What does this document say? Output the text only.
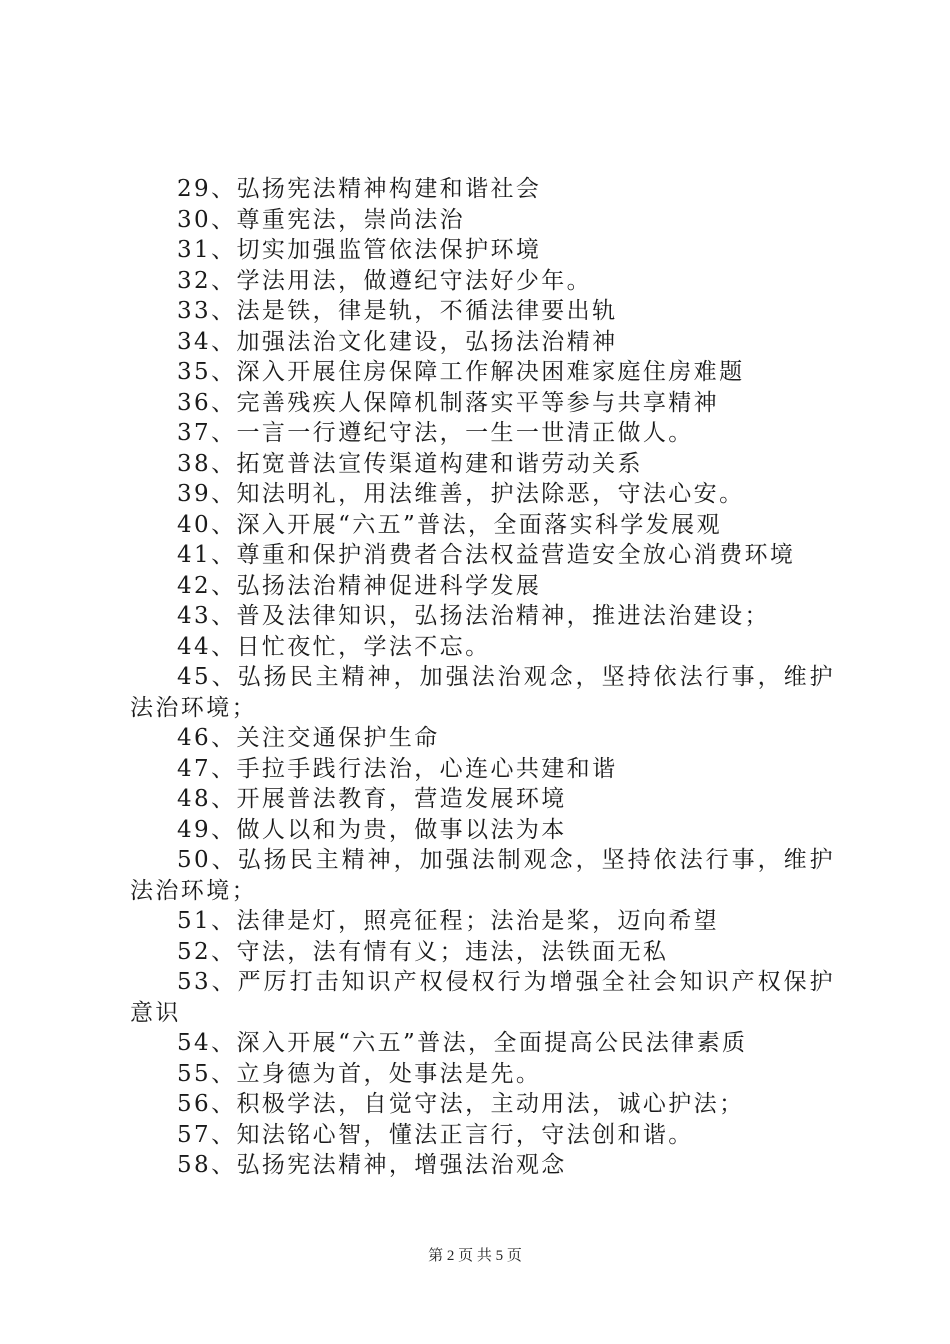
29、弘扬宪法精神构建和谐社会

30、尊重宪法，崇尚法治

31、切实加强监管依法保护环境

32、学法用法，做遵纪守法好少年。

33、法是铁，律是轨，不循法律要出轨

34、加强法治文化建设，弘扬法治精神

35、深入开展住房保障工作解决困难家庭住房难题

36、完善残疾人保障机制落实平等参与共享精神

37、一言一行遵纪守法，一生一世清正做人。

38、拓宽普法宣传渠道构建和谐劳动关系

39、知法明礼，用法维善，护法除恶，守法心安。

40、深入开展“六五”普法，全面落实科学发展观

41、尊重和保护消费者合法权益营造安全放心消费环境

42、弘扬法治精神促进科学发展

43、普及法律知识，弘扬法治精神，推进法治建设；

44、日忙夜忙，学法不忘。

45、弘扬民主精神，加强法治观念，坚持依法行事，维护法治环境；

46、关注交通保护生命

47、手拉手践行法治，心连心共建和谐

48、开展普法教育，营造发展环境

49、做人以和为贵，做事以法为本

50、弘扬民主精神，加强法制观念，坚持依法行事，维护法治环境；

51、法律是灯，照亮征程；法治是桨，迈向希望

52、守法，法有情有义；违法，法铁面无私

53、严厉打击知识产权侵权行为增强全社会知识产权保护意识

54、深入开展“六五”普法，全面提高公民法律素质

55、立身德为首，处事法是先。

56、积极学法，自觉守法，主动用法，诚心护法；

57、知法铭心智，懂法正言行，守法创和谐。

58、弘扬宪法精神，增强法治观念

第 2 页 共 5 页
